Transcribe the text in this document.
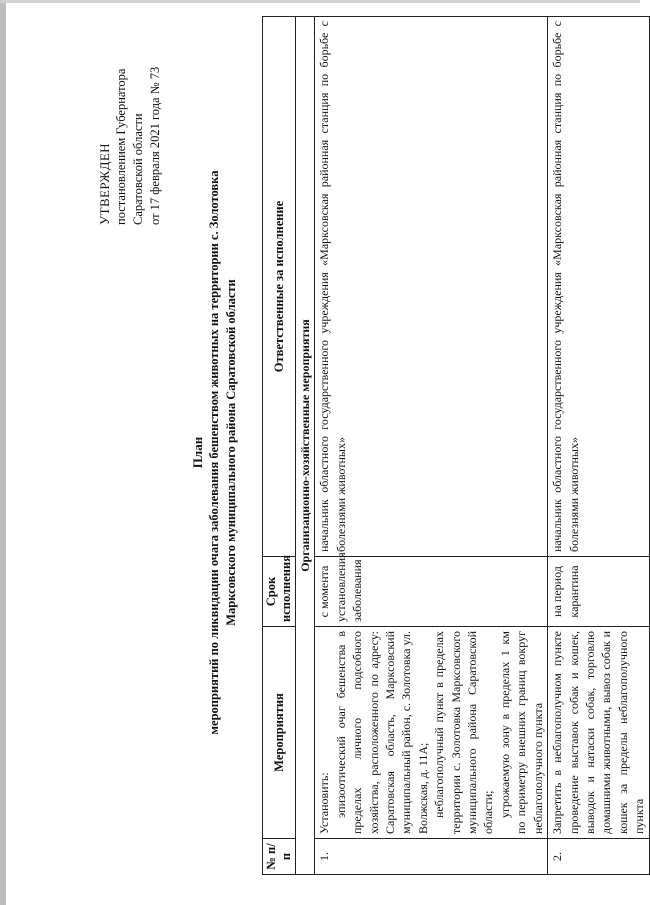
УТВЕРЖДЕН постановлением Губернатора Саратовской области от 17 февраля 2021 года № 73
План мероприятий по ликвидации очага заболевания бешенством животных на территории с. Золотовка Марксовского муниципального района Саратовской области
№ п/п	Мероприятия	Срок исполнения	Ответственные за исполнение
Организационно-хозяйственные мероприятия			
1.	Установить: эпизоотический очаг бешенства в пределах личного подсобного хозяйства, расположенного по адресу: Саратовская область, Марксовский муниципальный район, с. Золотовка ул. Волжская, д. 11А; неблагополучный пункт в пределах территории с. Золотовка Марксовского муниципального района Саратовской области; угрожаемую зону в пределах 1 км по периметру внешних границ вокруг неблагополучного пункта	с момента установления заболевания	начальник областного государственного учреждения «Марксовская районная станция по борьбе с болезнями животных»
2.	Запретить в неблагополучном пункте проведение выставок собак и кошек, выводок и натаски собак, торговлю домашними животными, вывоз собак и кошек за пределы неблагополучного пункта	на период карантина	начальник областного государственного учреждения «Марксовская районная станция по борьбе с болезнями животных»
